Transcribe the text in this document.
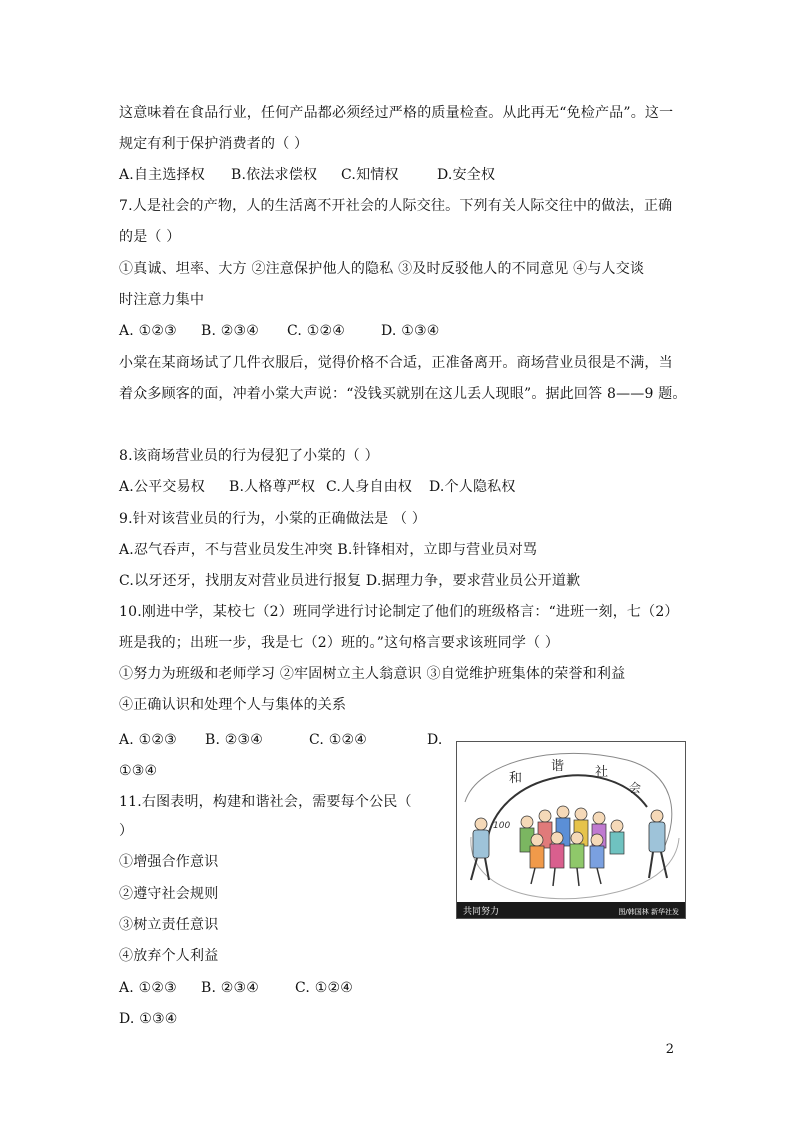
这意味着在食品行业，任何产品都必须经过严格的质量检查。从此再无“免检产品”。这一
规定有利于保护消费者的（ ）
A.自主选择权 B.依法求偿权 C.知情权	D.安全权
7.人是社会的产物，人的生活离不开社会的人际交往。下列有关人际交往中的做法，正确
的是（ ）
①真诚、坦率、大方 ②注意保护他人的隐私 ③及时反驳他人的不同意见 ④与人交谈
时注意力集中
A. ①②③ B. ②③④ C. ①②④	D. ①③④
小棠在某商场试了几件衣服后，觉得价格不合适，正准备离开。商场营业员很是不满，当
着众多顾客的面，冲着小棠大声说：“没钱买就别在这儿丢人现眼”。据此回答 8——9 题。
8.该商场营业员的行为侵犯了小棠的（ ）
A.公平交易权 B.人格尊严权 C.人身自由权 D.个人隐私权
9.针对该营业员的行为，小棠的正确做法是 （ ）
A.忍气吞声，不与营业员发生冲突 B.针锋相对，立即与营业员对骂
C.以牙还牙，找朋友对营业员进行报复 D.据理力争，要求营业员公开道歉
10.刚进中学，某校七（2）班同学进行讨论制定了他们的班级格言：“进班一刻，七（2）
班是我的；出班一步，我是七（2）班的。”这句格言要求该班同学（ ）
①努力为班级和老师学习 ②牢固树立主人翁意识 ③自觉维护班集体的荣誉和利益
④正确认识和处理个人与集体的关系
A. ①②③ B. ②③④	C. ①②④	D.
①③④
11.右图表明，构建和谐社会，需要每个公民（
）
①增强合作意识
②遵守社会规则
③树立责任意识
④放弃个人利益
A. ①②③ B. ②③④	C. ①②④
D. ①③④
和
谐 社
会
100
共同努力	图/韩国林 新华社发
2
